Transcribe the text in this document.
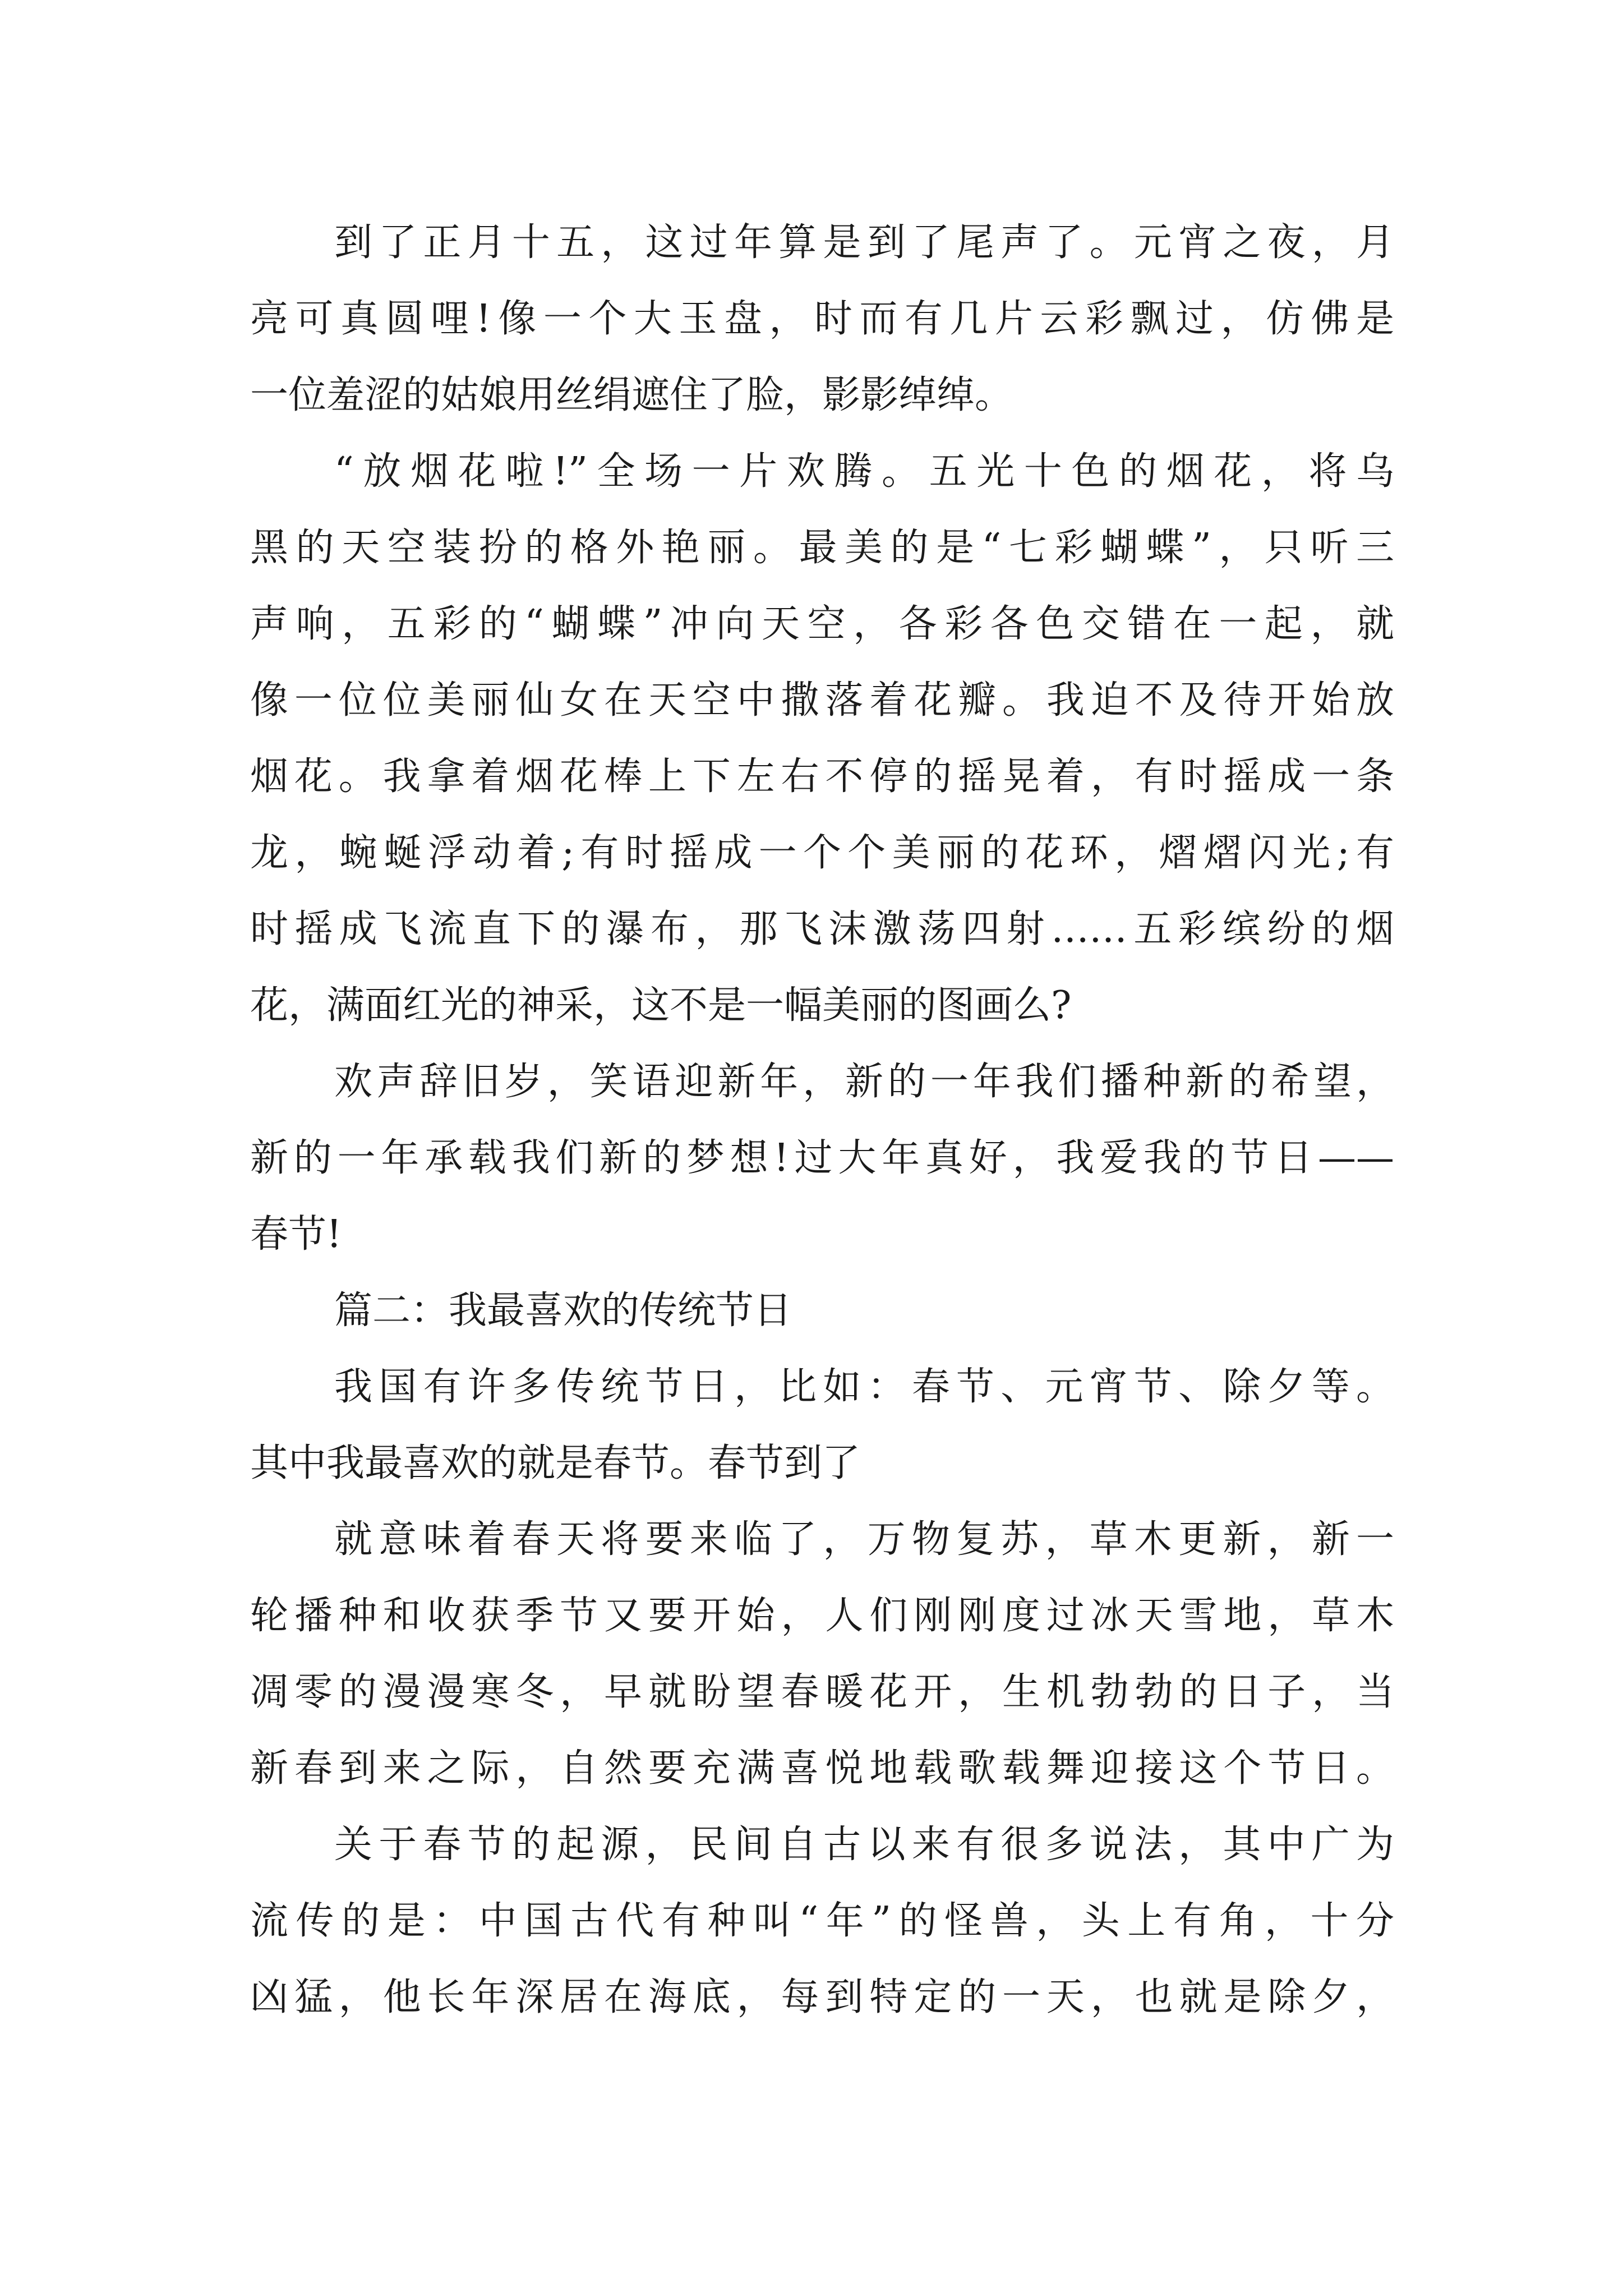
到了正月十五，这过年算是到了尾声了。元宵之夜，月
亮可真圆哩!像一个大玉盘，时而有几片云彩飘过，仿佛是
一位羞涩的姑娘用丝绢遮住了脸，影影绰绰。
“放烟花啦!”全场一片欢腾。五光十色的烟花，将乌
黑的天空装扮的格外艳丽。最美的是“七彩蝴蝶”，只听三
声响，五彩的“蝴蝶”冲向天空，各彩各色交错在一起，就
像一位位美丽仙女在天空中撒落着花瓣。我迫不及待开始放
烟花。我拿着烟花棒上下左右不停的摇晃着，有时摇成一条
龙，蜿蜒浮动着;有时摇成一个个美丽的花环，熠熠闪光;有
时摇成飞流直下的瀑布，那飞沫激荡四射……五彩缤纷的烟
花，满面红光的神采，这不是一幅美丽的图画么?
欢声辞旧岁，笑语迎新年，新的一年我们播种新的希望，
新的一年承载我们新的梦想!过大年真好，我爱我的节日——
春节!
篇二：我最喜欢的传统节日
我国有许多传统节日，比如：春节、元宵节、除夕等。
其中我最喜欢的就是春节。春节到了
就意味着春天将要来临了，万物复苏，草木更新，新一
轮播种和收获季节又要开始，人们刚刚度过冰天雪地，草木
凋零的漫漫寒冬，早就盼望春暖花开，生机勃勃的日子，当
新春到来之际，自然要充满喜悦地载歌载舞迎接这个节日。
关于春节的起源，民间自古以来有很多说法，其中广为
流传的是：中国古代有种叫“年”的怪兽，头上有角，十分
凶猛，他长年深居在海底，每到特定的一天，也就是除夕，
